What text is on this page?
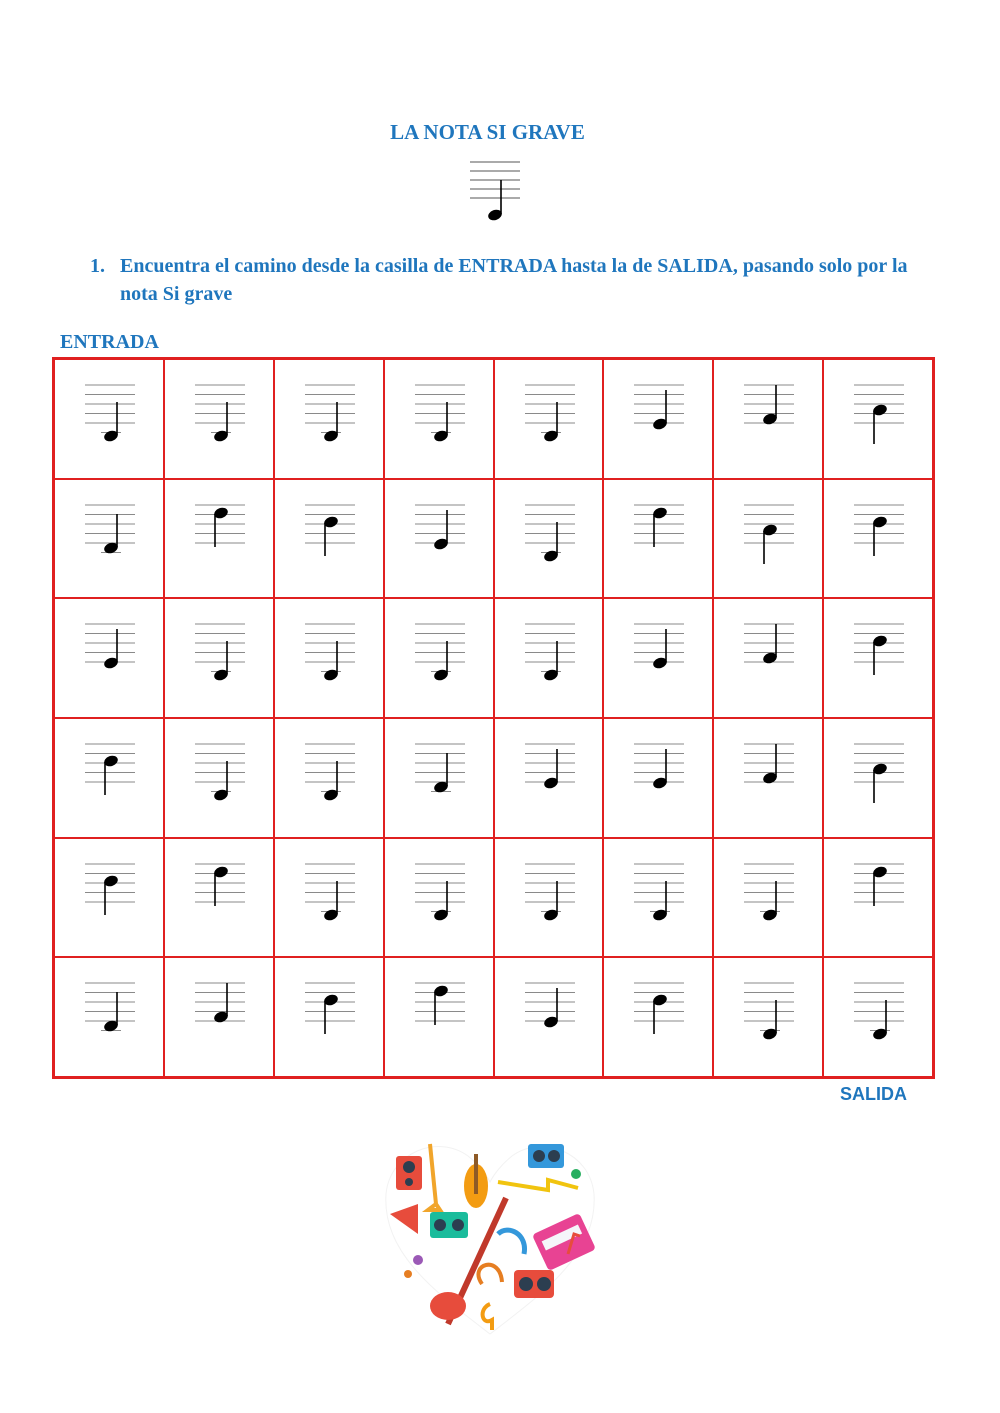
LA NOTA SI GRAVE
1. Encuentra el camino desde la casilla de ENTRADA hasta la de SALIDA, pasando solo por la nota Si grave
ENTRADA
SALIDA
